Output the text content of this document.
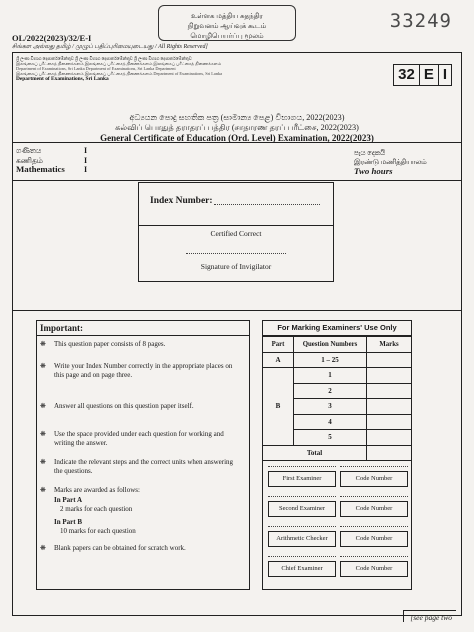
உள்ளக மத்திய சுதந்திர
நிறுவனம் ஆய்வுக் கூடம்
மொழிபெயர்ப்பு மூலம்
33249
OL/2022(2023)/32/E-I
சிங்கள அல்லது தமிழ் / முழுப் பதிப்புரிமையுடையது / All Rights Reserved]
ශ්‍රී ලංකා විභාග දෙපාර්තමේන්තුව ශ්‍රී ලංකා විභාග දෙපාර්තමේන්තුව ශ්‍රී ලංකා විභාග දෙපාර්තමේන්තුව
இலங்கைப் பரீட்சைத் திணைக்களம் இலங்கைப் பரீட்சைத் திணைக்களம் இலங்கைப் பரீட்சைத் திணைக்களம்
Department of Examinations, Sri Lanka Department of Examinations, Sri Lanka Department
இலங்கைப் பரீட்சைத் திணைக்களம் இலங்கைப் பரீட்சைத் திணைக்களம் Department of Examinations, Sri Lanka
Department of Examinations, Sri Lanka	32 E I
අධ්‍යයන පොදු සහතික පත්‍ර (සාමාන්‍ය පෙළ) විභාගය, 2022(2023)
கல்விப் பொதுத் தராதரப் பத்திர (சாதாரண தரப் பரீட்சை, 2022(2023)
General Certificate of Education (Ord. Level) Examination, 2022(2023)
ගණිතය
கணிதம்
Mathematics
I
I
I
පැය දෙකයි
இரண்டு மணித்தியாலம்
Two hours
Index Number:
Certified Correct
Signature of Invigilator
Important:
❋ This question paper consists of 8 pages.
❋ Write your Index Number correctly in the appropriate places on this page and on page three.
❋ Answer all questions on this question paper itself.
❋ Use the space provided under each question for working and writing the answer.
❋ Indicate the relevant steps and the correct units when answering the questions.
❋ Marks are awarded as follows:
In Part A
2 marks for each question
In Part B
10 marks for each question
❋ Blank papers can be obtained for scratch work.
For Marking Examiners' Use Only
Part	Question Numbers	Marks
A	1 – 25	
B	1	
	2	
	3	
	4	
	5	
Total		
First Examiner	Code Number
Second Examiner	Code Number
Arithmetic Checker	Code Number
Chief Examiner	Code Number
[see page two
